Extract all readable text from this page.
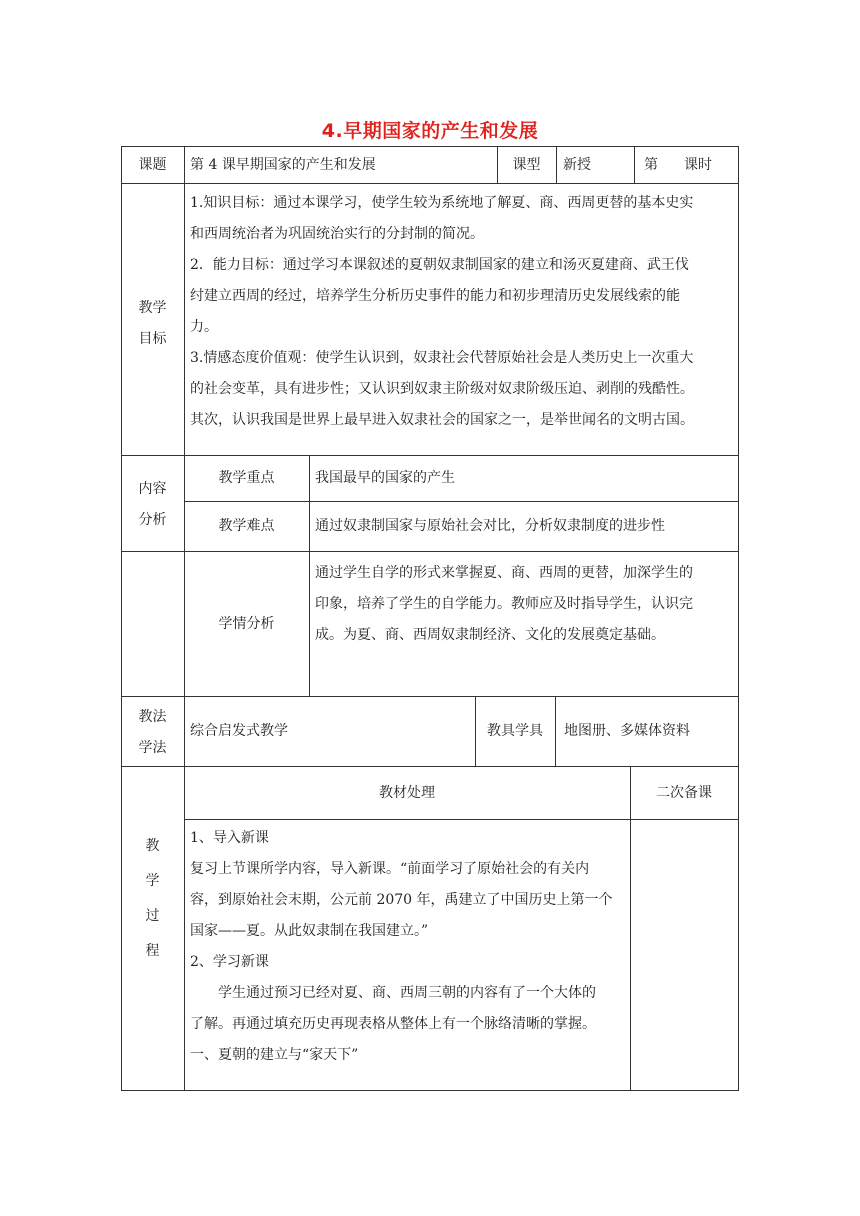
4.早期国家的产生和发展
课题	第 4 课早期国家的产生和发展	课型	新授	第 课时
教学
目标
1.知识目标：通过本课学习，使学生较为系统地了解夏、商、西周更替的基本史实
和西周统治者为巩固统治实行的分封制的简况。
2．能力目标：通过学习本课叙述的夏朝奴隶制国家的建立和汤灭夏建商、武王伐
纣建立西周的经过，培养学生分析历史事件的能力和初步理清历史发展线索的能
力。
3.情感态度价值观：使学生认识到，奴隶社会代替原始社会是人类历史上一次重大
的社会变革，具有进步性；又认识到奴隶主阶级对奴隶阶级压迫、剥削的残酷性。
其次，认识我国是世界上最早进入奴隶社会的国家之一，是举世闻名的文明古国。
内容
分析
教学重点	我国最早的国家的产生
教学难点	通过奴隶制国家与原始社会对比，分析奴隶制度的进步性
学情分析
通过学生自学的形式来掌握夏、商、西周的更替，加深学生的
印象，培养了学生的自学能力。教师应及时指导学生，认识完
成。为夏、商、西周奴隶制经济、文化的发展奠定基础。
教法
学法
综合启发式教学	教具学具	地图册、多媒体资料
教
学
过
程
教材处理	二次备课
1、导入新课
复习上节课所学内容，导入新课。“前面学习了原始社会的有关内
容，到原始社会末期，公元前 2070 年，禹建立了中国历史上第一个
国家——夏。从此奴隶制在我国建立。”
2、学习新课
学生通过预习已经对夏、商、西周三朝的内容有了一个大体的
了解。再通过填充历史再现表格从整体上有一个脉络清晰的掌握。
一、夏朝的建立与“家天下”
